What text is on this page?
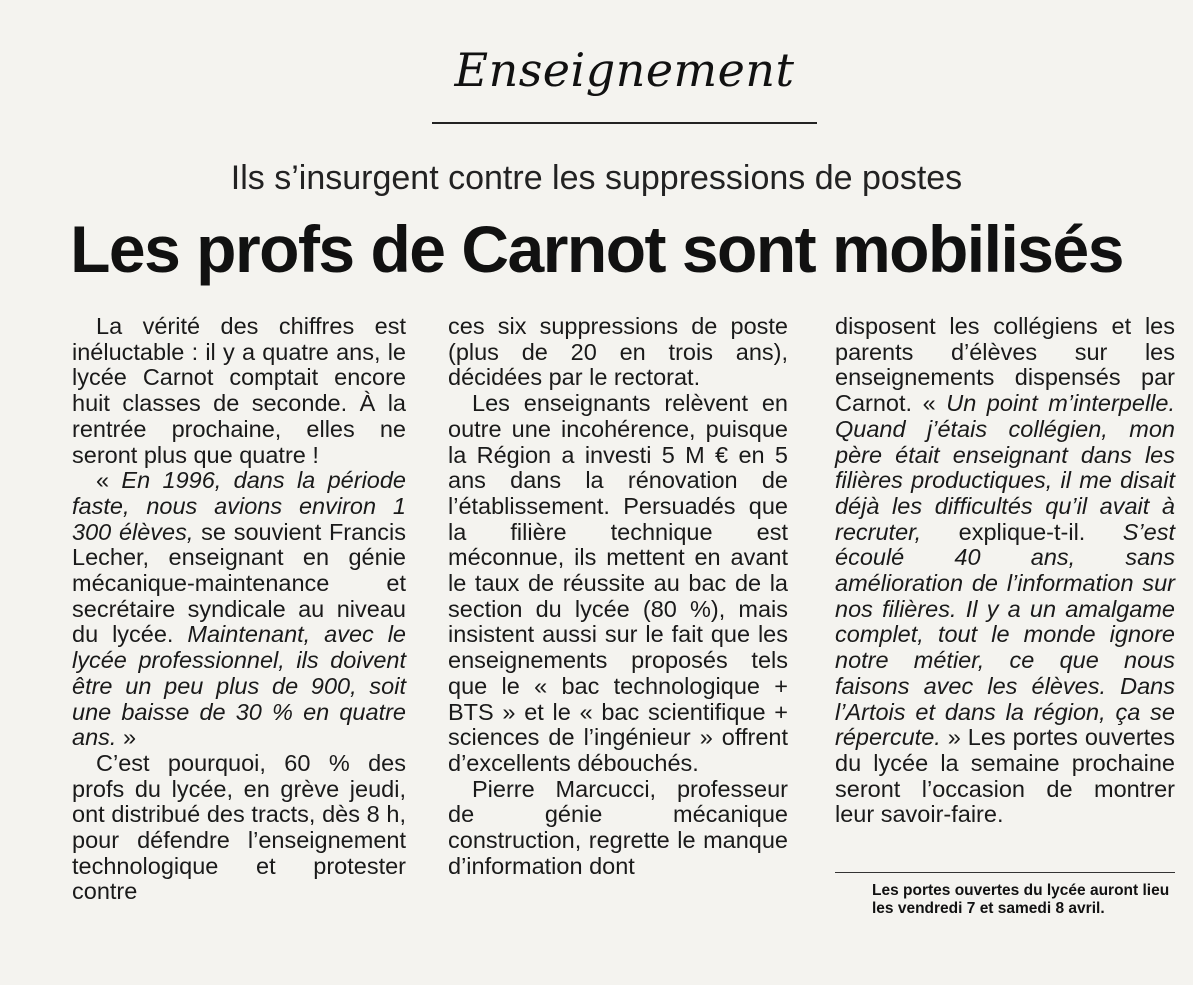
Enseignement
Ils s’insurgent contre les suppressions de postes
Les profs de Carnot sont mobilisés

La vérité des chiffres est inéluctable : il y a quatre ans, le lycée Carnot comptait encore huit classes de seconde. À la rentrée prochaine, elles ne seront plus que quatre !

« En 1996, dans la période faste, nous avions environ 1 300 élèves, se souvient Francis Lecher, enseignant en génie mécanique-maintenance et secrétaire syndicale au niveau du lycée. Maintenant, avec le lycée professionnel, ils doivent être un peu plus de 900, soit une baisse de 30 % en quatre ans. »

C’est pourquoi, 60 % des profs du lycée, en grève jeudi, ont distribué des tracts, dès 8 h, pour défendre l’enseignement technologique et protester contre

ces six suppressions de poste (plus de 20 en trois ans), décidées par le rectorat.

Les enseignants relèvent en outre une incohérence, puisque la Région a investi 5 M € en 5 ans dans la rénovation de l’établissement. Persuadés que la filière technique est méconnue, ils mettent en avant le taux de réussite au bac de la section du lycée (80 %), mais insistent aussi sur le fait que les enseignements proposés tels que le « bac technologique + BTS » et le « bac scientifique + sciences de l’ingénieur » offrent d’excellents débouchés.

Pierre Marcucci, professeur de génie mécanique construction, regrette le manque d’information dont

disposent les collégiens et les parents d’élèves sur les enseignements dispensés par Carnot. « Un point m’interpelle. Quand j’étais collégien, mon père était enseignant dans les filières productiques, il me disait déjà les difficultés qu’il avait à recruter, explique-t-il. S’est écoulé 40 ans, sans amélioration de l’information sur nos filières. Il y a un amalgame complet, tout le monde ignore notre métier, ce que nous faisons avec les élèves. Dans l’Artois et dans la région, ça se répercute. » Les portes ouvertes du lycée la semaine prochaine seront l’occasion de montrer leur savoir-faire.

Les portes ouvertes du lycée auront lieu les vendredi 7 et samedi 8 avril.
